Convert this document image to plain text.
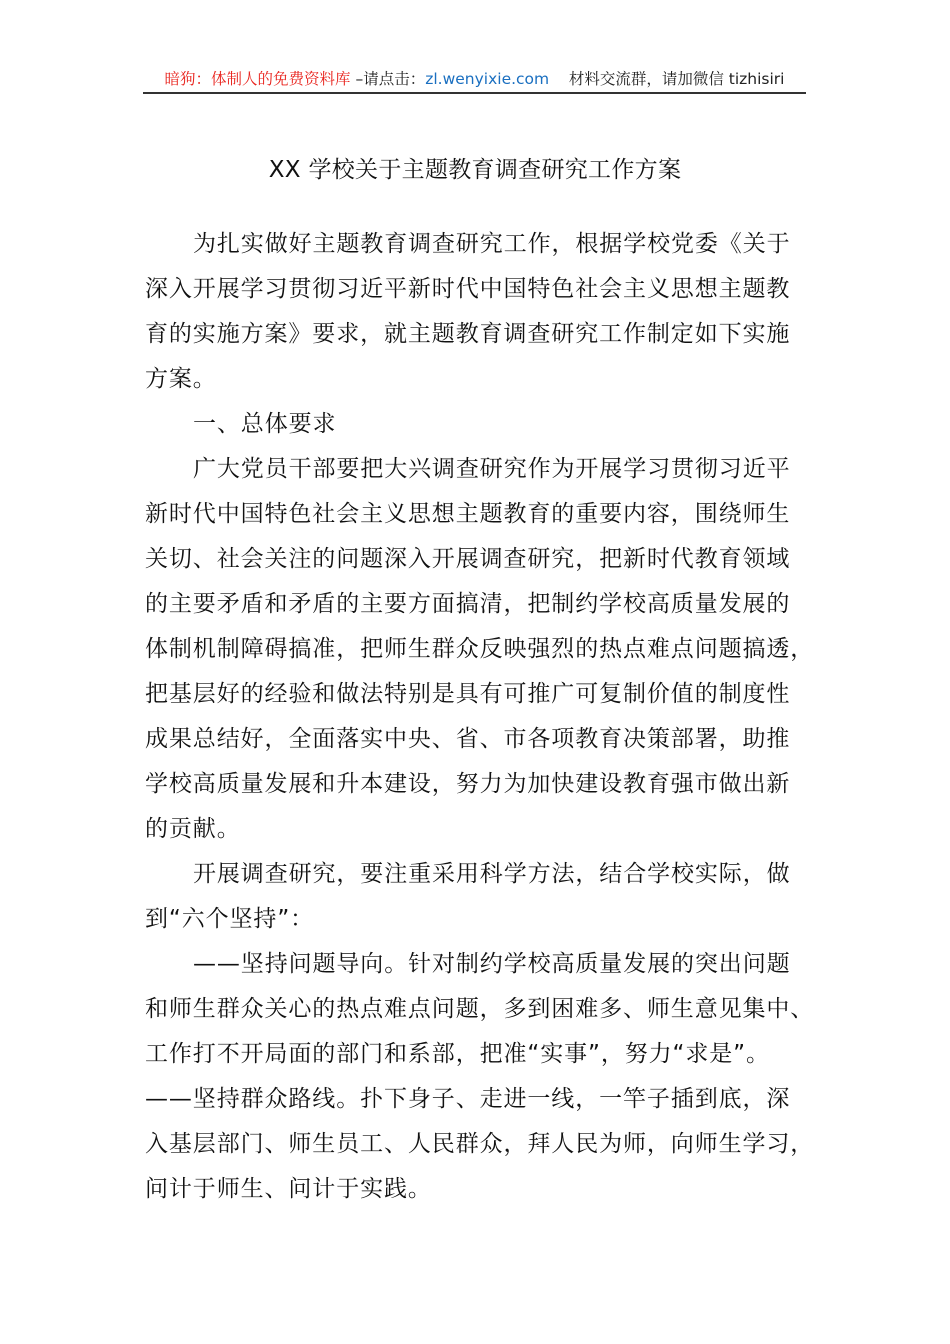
暗狗：体制人的免费资料库 –请点击：zl.wenyixie.com    材料交流群，请加微信 tizhisiri
XX 学校关于主题教育调查研究工作方案
为扎实做好主题教育调查研究工作，根据学校党委《关于
深入开展学习贯彻习近平新时代中国特色社会主义思想主题教
育的实施方案》要求，就主题教育调查研究工作制定如下实施
方案。
一、总体要求
广大党员干部要把大兴调查研究作为开展学习贯彻习近平
新时代中国特色社会主义思想主题教育的重要内容，围绕师生
关切、社会关注的问题深入开展调查研究，把新时代教育领域
的主要矛盾和矛盾的主要方面搞清，把制约学校高质量发展的
体制机制障碍搞准，把师生群众反映强烈的热点难点问题搞透，
把基层好的经验和做法特别是具有可推广可复制价值的制度性
成果总结好，全面落实中央、省、市各项教育决策部署，助推
学校高质量发展和升本建设，努力为加快建设教育强市做出新
的贡献。
开展调查研究，要注重采用科学方法，结合学校实际，做
到“六个坚持”：
——坚持问题导向。针对制约学校高质量发展的突出问题
和师生群众关心的热点难点问题，多到困难多、师生意见集中、
工作打不开局面的部门和系部，把准“实事”，努力“求是”。
——坚持群众路线。扑下身子、走进一线，一竿子插到底，深
入基层部门、师生员工、人民群众，拜人民为师，向师生学习，
问计于师生、问计于实践。
